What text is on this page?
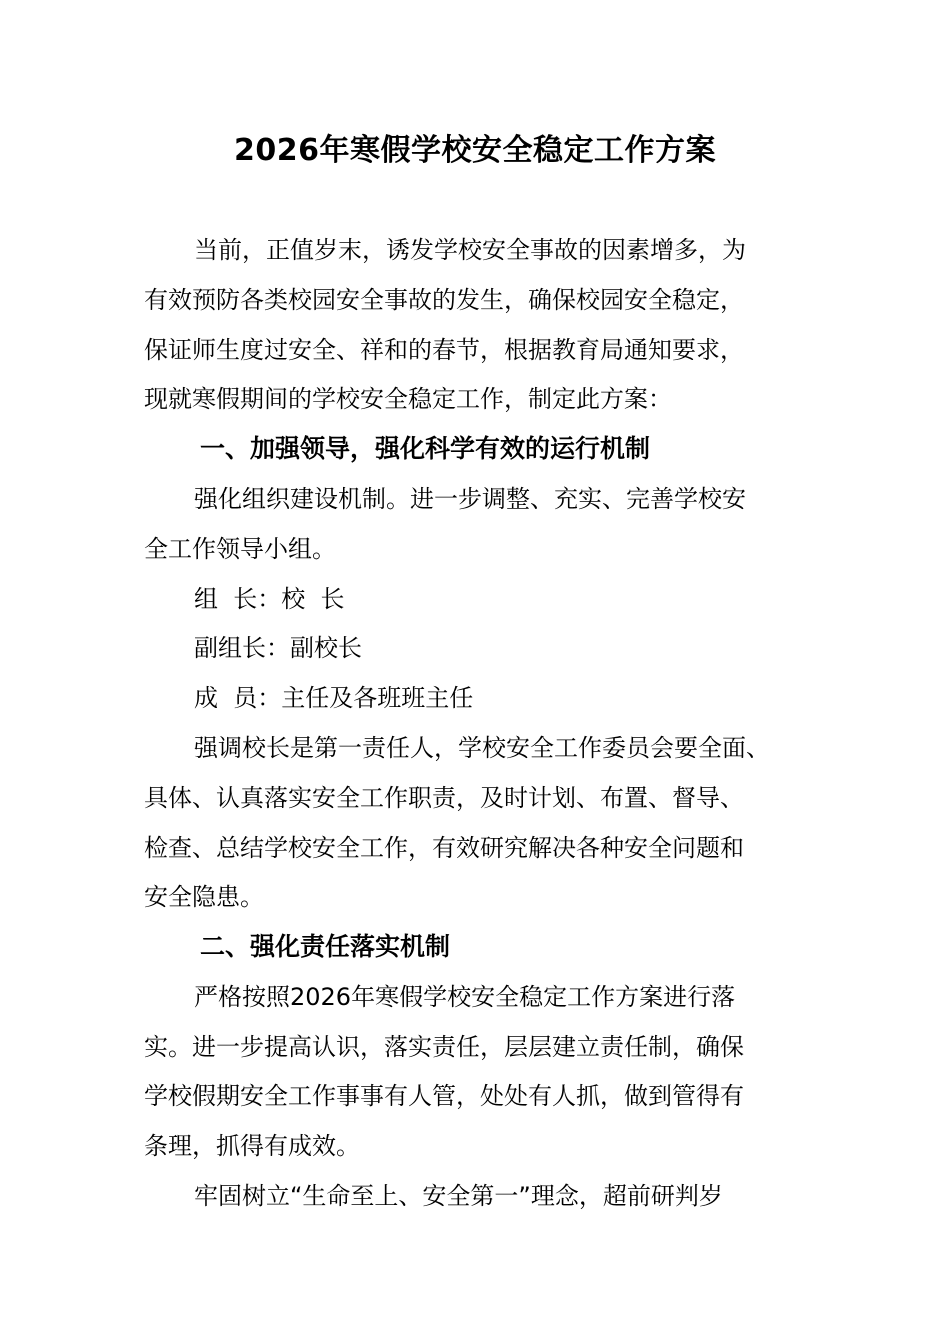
2026年寒假学校安全稳定工作方案
当前，正值岁末，诱发学校安全事故的因素增多，为
有效预防各类校园安全事故的发生，确保校园安全稳定，
保证师生度过安全、祥和的春节，根据教育局通知要求，
现就寒假期间的学校安全稳定工作，制定此方案：
一、加强领导，强化科学有效的运行机制
强化组织建设机制。进一步调整、充实、完善学校安
全工作领导小组。
组  长：校  长
副组长：副校长
成  员：主任及各班班主任
强调校长是第一责任人，学校安全工作委员会要全面、
具体、认真落实安全工作职责，及时计划、布置、督导、
检查、总结学校安全工作，有效研究解决各种安全问题和
安全隐患。
二、强化责任落实机制
严格按照2026年寒假学校安全稳定工作方案进行落
实。进一步提高认识，落实责任，层层建立责任制，确保
学校假期安全工作事事有人管，处处有人抓，做到管得有
条理，抓得有成效。
牢固树立“生命至上、安全第一”理念，超前研判岁
